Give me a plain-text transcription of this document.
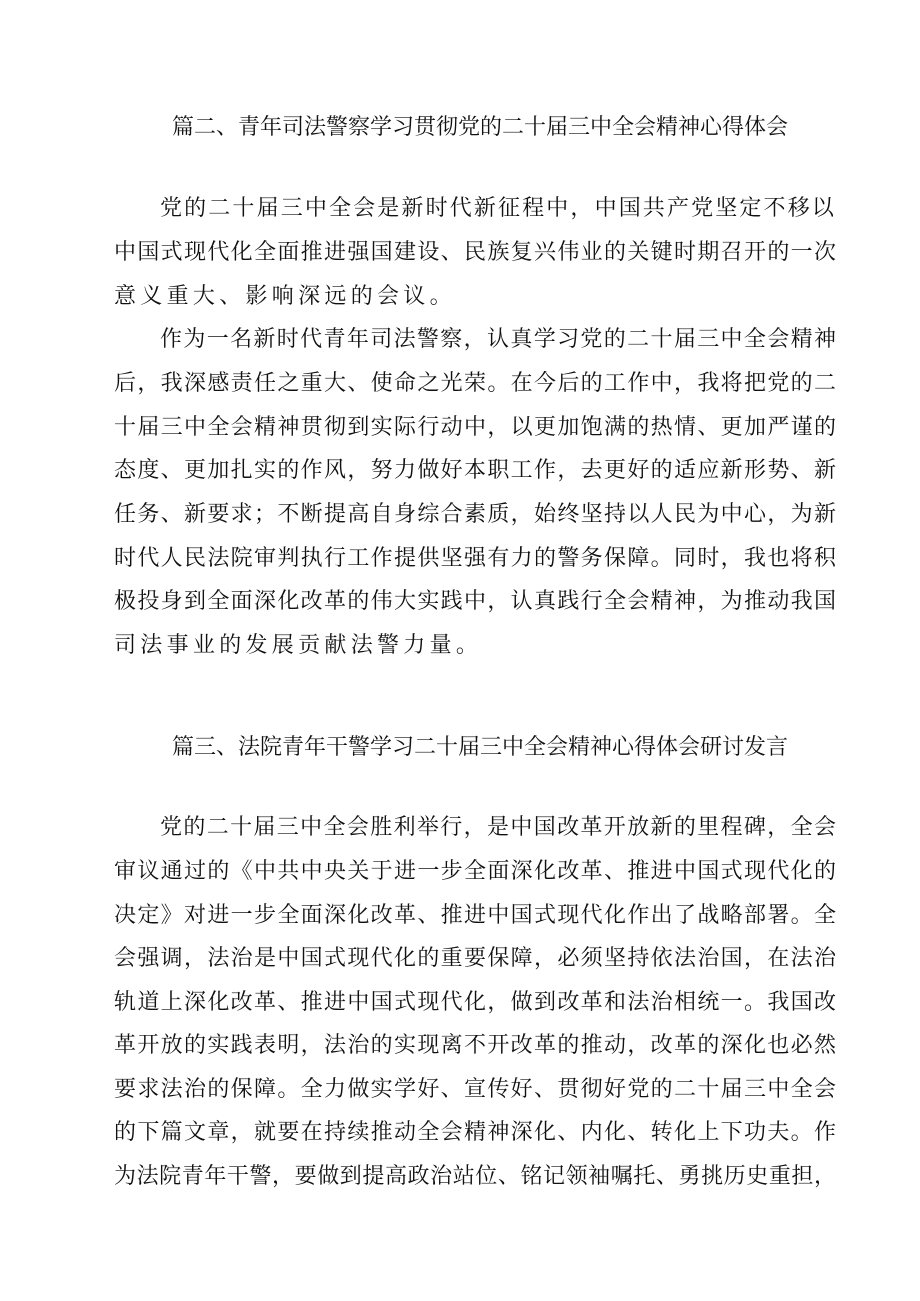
篇二、青年司法警察学习贯彻党的二十届三中全会精神心得体会
党的二十届三中全会是新时代新征程中，中国共产党坚定不移以
中国式现代化全面推进强国建设、民族复兴伟业的关键时期召开的一次
意义重大、影响深远的会议。
作为一名新时代青年司法警察，认真学习党的二十届三中全会精神
后，我深感责任之重大、使命之光荣。在今后的工作中，我将把党的二
十届三中全会精神贯彻到实际行动中，以更加饱满的热情、更加严谨的
态度、更加扎实的作风，努力做好本职工作，去更好的适应新形势、新
任务、新要求；不断提高自身综合素质，始终坚持以人民为中心，为新
时代人民法院审判执行工作提供坚强有力的警务保障。同时，我也将积
极投身到全面深化改革的伟大实践中，认真践行全会精神，为推动我国
司法事业的发展贡献法警力量。
篇三、法院青年干警学习二十届三中全会精神心得体会研讨发言
党的二十届三中全会胜利举行，是中国改革开放新的里程碑，全会
审议通过的《中共中央关于进一步全面深化改革、推进中国式现代化的
决定》对进一步全面深化改革、推进中国式现代化作出了战略部署。全
会强调，法治是中国式现代化的重要保障，必须坚持依法治国，在法治
轨道上深化改革、推进中国式现代化，做到改革和法治相统一。我国改
革开放的实践表明，法治的实现离不开改革的推动，改革的深化也必然
要求法治的保障。全力做实学好、宣传好、贯彻好党的二十届三中全会
的下篇文章，就要在持续推动全会精神深化、内化、转化上下功夫。作
为法院青年干警，要做到提高政治站位、铭记领袖嘱托、勇挑历史重担，
